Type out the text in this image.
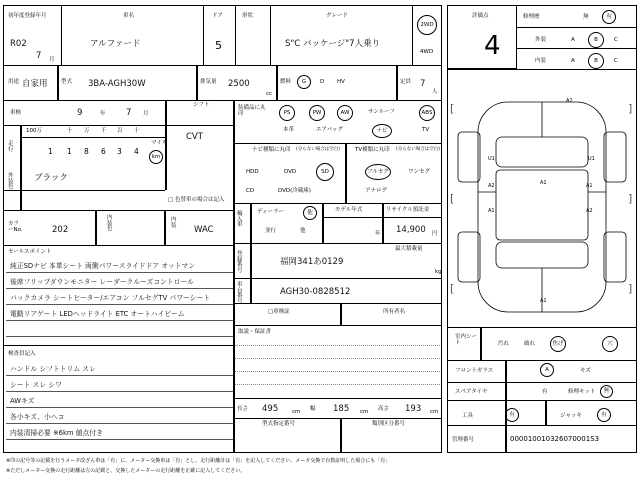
初年度登録年月
R02
7 月
車名
アルファード
ドア
5
形状	グレード
S"C パッケージ"7人乗り
2WD
4WD
用途 自家用 型式 3BA-AGH30W	排気量 2500
cc
燃料	G	D HV	定員 7
人
車検	9	年 7 月
シフト
CVT
走行
100万	十 万 千 百 十
1 1 8 6 3 4
マイル
km
外装色
ブラック
□ 色替車の場合は記入
カラーNo.	202
内装色
内装 WAC
セールスポイント
純正SDナビ 本革シート 両側パワースライドドア オットマン
後席フリップダウンモニター レーダークルーズコントロール
バックカメラ シートヒーター/エアコン フルセグTV パワーシート
電動リアゲート LEDヘッドライト ETC オートハイビーム
検査員記入
ハンドル シフトトリム スレ
シート スレ シワ
AWキズ
各小キズ、小ヘコ
内装清掃必要 ※6km 値点付き
装備品に丸印	PS	PW	AW	サンルーフ	ABS
本革	エアバッグ	ナビ	TV
ナビ種類に丸印 (分らない場合は空白)
HDD	DVD	SD
CD	DVD(冷蔵庫)
TV種類に丸印 (分らない場合は空白)
フルセグ	ワンセグ
アナログ
輸入車
ディーラー	他
並行	他
モデル年式
年
リサイクル預託金
14,900 円
登録番号
最大積載量
kg
福岡341あ0129
車台番号
AGH30-0828512
□車検証	所有者名
取説・保証書
長さ 495	cm 幅 185 cm 高さ 193 cm
型式指定番号	類別区分番号
評価点
4
修理歴	無	有
外装	A	B	C
内装	A	B	C
A2
U1	U1
A1
A2	A1
A1	A2
A1
[	]
[	]
[	]
室内シート	汚れ	破れ	焦げ	穴
フロントガラス	A	キズ
スペアタイヤ	有	修理キット	無
工具	有	ジャッキ	有
管理番号	000010010326070001S3
※印の記号等の記載を行うメータ改ざん車は「有」に、メーター交換車は「有」とし、走行距離計は「有」を記入してください。メータ交換で台数証明した場合にも「有」
※ただしメーター交換の走行距離は左の記載と、交換したメーターの走行距離を正確に記入してください。
